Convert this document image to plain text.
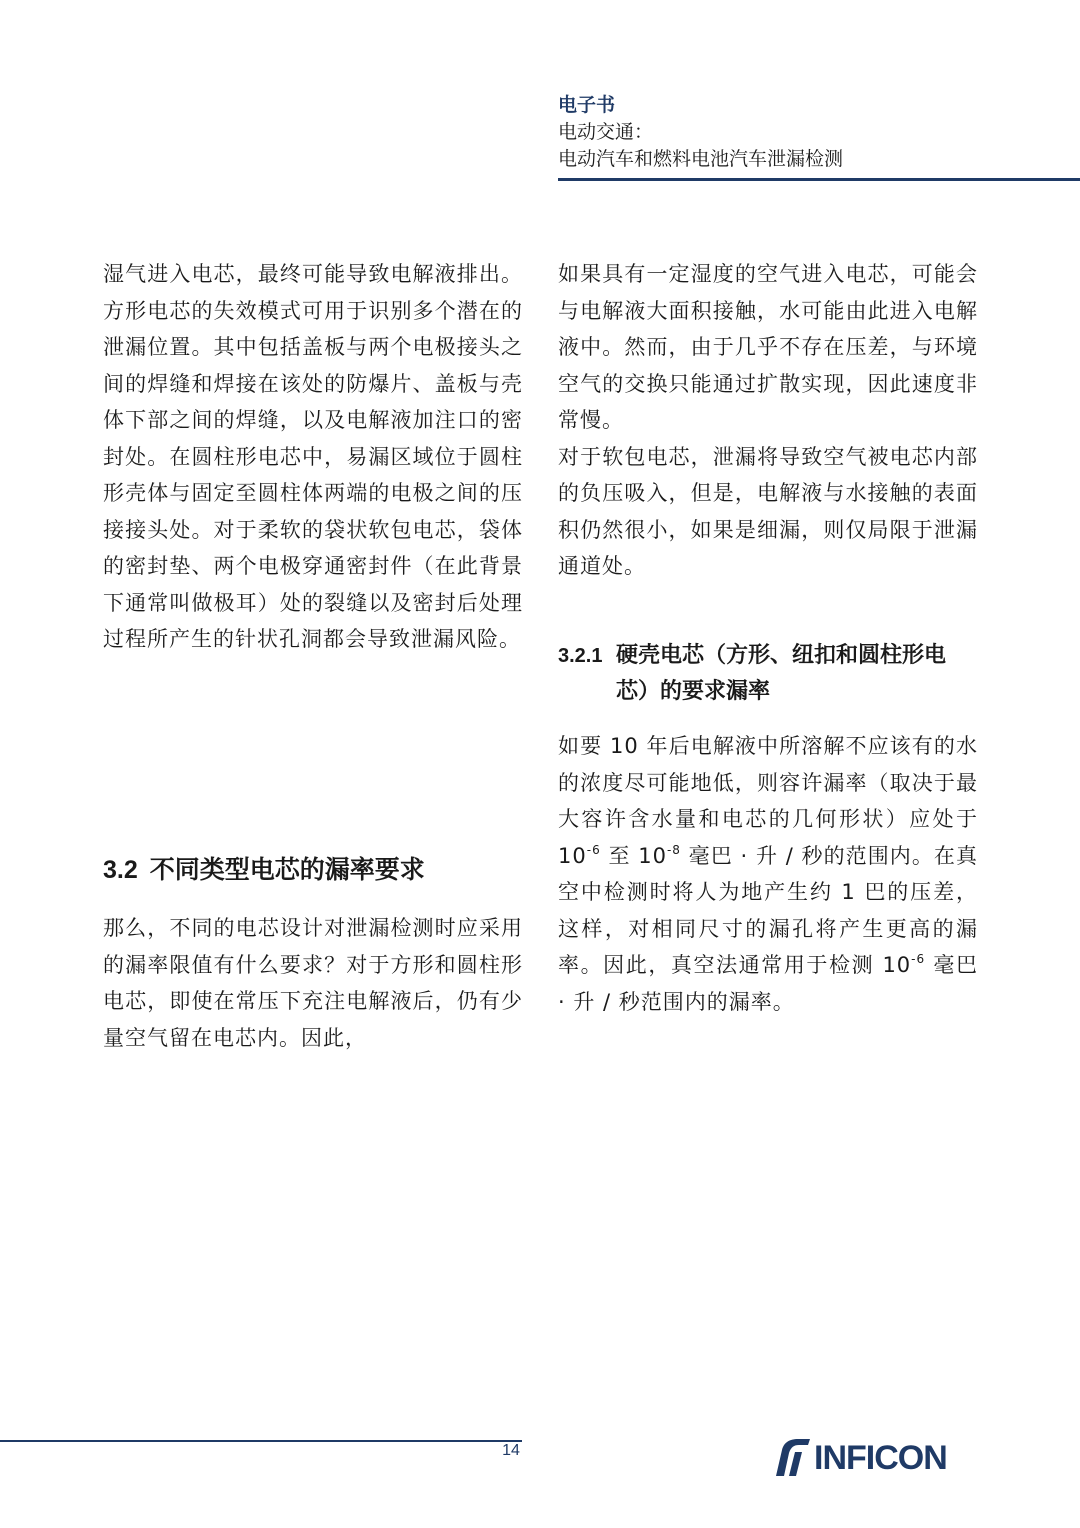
电子书
电动交通：
电动汽车和燃料电池汽车泄漏检测

湿气进入电芯，最终可能导致电解液排出。方形电芯的失效模式可用于识别多个潜在的泄漏位置。其中包括盖板与两个电极接头之间的焊缝和焊接在该处的防爆片、盖板与壳体下部之间的焊缝，以及电解液加注口的密封处。在圆柱形电芯中，易漏区域位于圆柱形壳体与固定至圆柱体两端的电极之间的压接接头处。对于柔软的袋状软包电芯，袋体的密封垫、两个电极穿通密封件（在此背景下通常叫做极耳）处的裂缝以及密封后处理过程所产生的针状孔洞都会导致泄漏风险。

3.2 不同类型电芯的漏率要求

那么，不同的电芯设计对泄漏检测时应采用的漏率限值有什么要求？对于方形和圆柱形电芯，即使在常压下充注电解液后，仍有少量空气留在电芯内。因此，

如果具有一定湿度的空气进入电芯，可能会与电解液大面积接触，水可能由此进入电解液中。然而，由于几乎不存在压差，与环境空气的交换只能通过扩散实现，因此速度非常慢。

对于软包电芯，泄漏将导致空气被电芯内部的负压吸入，但是，电解液与水接触的表面积仍然很小，如果是细漏，则仅局限于泄漏通道处。

3.2.1 硬壳电芯（方形、纽扣和圆柱形电芯）的要求漏率

如要 10 年后电解液中所溶解不应该有的水的浓度尽可能地低，则容许漏率（取决于最大容许含水量和电芯的几何形状）应处于 $10^{-6}$ 至 $10^{-8}$ 毫巴 · 升 / 秒的范围内。在真空中检测时将人为地产生约 1 巴的压差，这样，对相同尺寸的漏孔将产生更高的漏率。因此，真空法通常用于检测 $10^{-6}$ 毫巴 · 升 / 秒范围内的漏率。

14	INFICON
